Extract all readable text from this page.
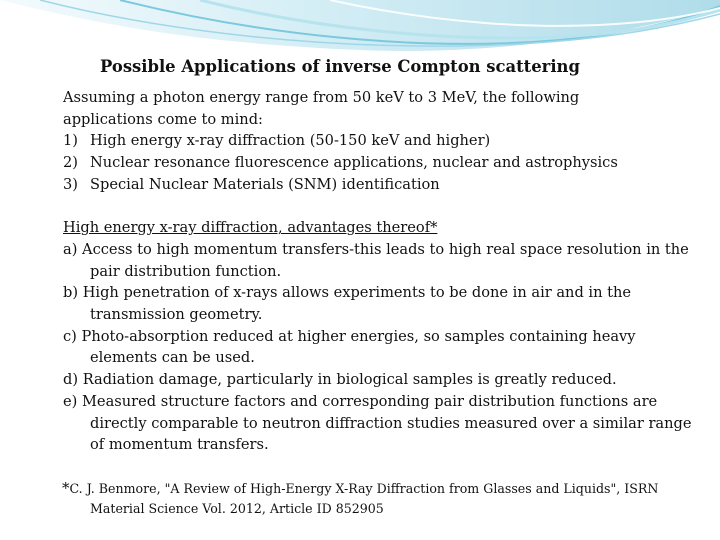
Possible Applications of inverse Compton scattering
Assuming a photon energy range from 50 keV to 3 MeV, the following
applications come to mind:
1) High energy x-ray diffraction (50-150 keV and higher)
2) Nuclear resonance fluorescence applications, nuclear and astrophysics
3) Special Nuclear Materials (SNM) identification
High energy x-ray diffraction, advantages thereof*
a) Access to high momentum transfers-this leads to high real space resolution in the pair distribution function.
b) High penetration of x-rays allows experiments to be done in air and in the transmission geometry.
c) Photo-absorption reduced at higher energies, so samples containing heavy elements can be used.
d) Radiation damage, particularly in biological samples is greatly reduced.
e) Measured structure factors and corresponding pair distribution functions are directly comparable to neutron diffraction studies measured over a similar range of momentum transfers.
*C. J. Benmore, "A Review of High-Energy X-Ray Diffraction from Glasses and Liquids", ISRN
Material Science Vol. 2012, Article ID 852905
